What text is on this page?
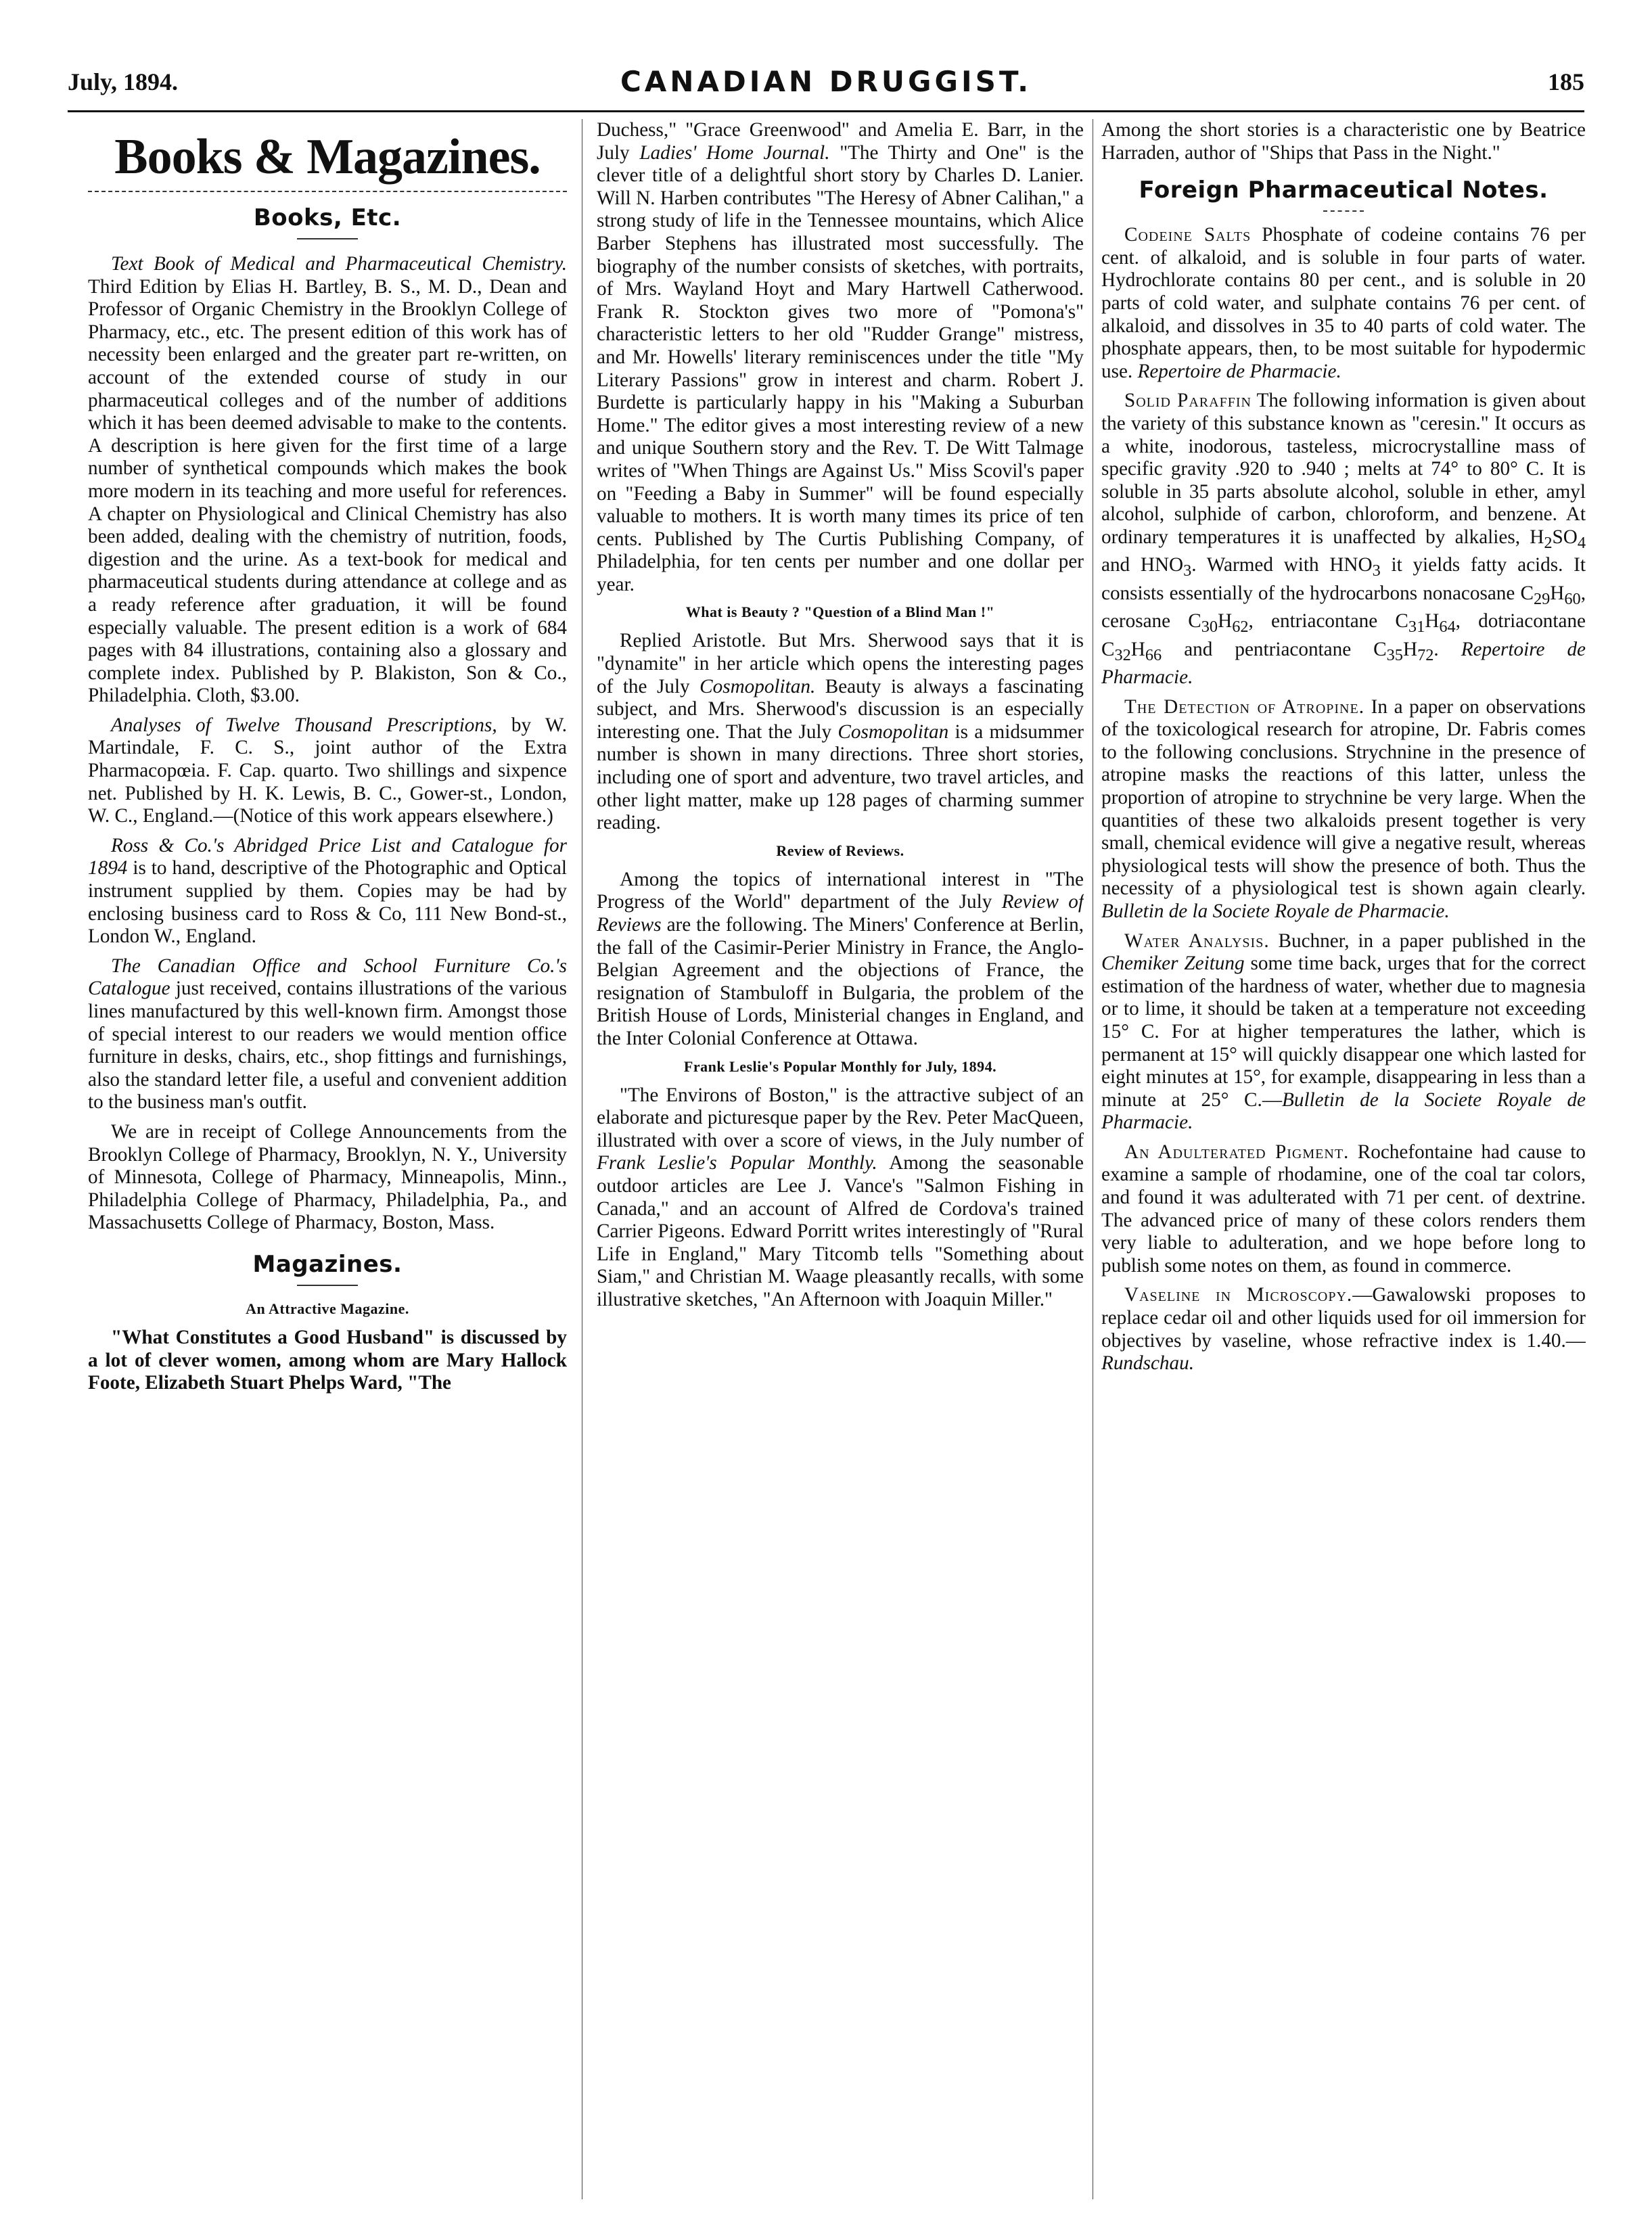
July, 1894.	CANADIAN DRUGGIST.	185
Books & Magazines.
Books, Etc.

Text Book of Medical and Pharmaceutical Chemistry. Third Edition by Elias H. Bartley, B. S., M. D., Dean and Professor of Organic Chemistry in the Brooklyn College of Pharmacy, etc., etc. The present edition of this work has of necessity been enlarged and the greater part re-written, on account of the extended course of study in our pharmaceutical colleges and of the number of additions which it has been deemed advisable to make to the contents. A description is here given for the first time of a large number of synthetical compounds which makes the book more modern in its teaching and more useful for references. A chapter on Physiological and Clinical Chemistry has also been added, dealing with the chemistry of nutrition, foods, digestion and the urine. As a text-book for medical and pharmaceutical students during attendance at college and as a ready reference after graduation, it will be found especially valuable. The present edition is a work of 684 pages with 84 illustrations, containing also a glossary and complete index. Published by P. Blakiston, Son & Co., Philadelphia. Cloth, $3.00.

Analyses of Twelve Thousand Prescriptions, by W. Martindale, F. C. S., joint author of the Extra Pharmacopœia. F. Cap. quarto. Two shillings and sixpence net. Published by H. K. Lewis, B. C., Gower-st., London, W. C., England.—(Notice of this work appears elsewhere.)

Ross & Co.'s Abridged Price List and Catalogue for 1894 is to hand, descriptive of the Photographic and Optical instrument supplied by them. Copies may be had by enclosing business card to Ross & Co, 111 New Bond-st., London W., England.

The Canadian Office and School Furniture Co.'s Catalogue just received, contains illustrations of the various lines manufactured by this well-known firm. Amongst those of special interest to our readers we would mention office furniture in desks, chairs, etc., shop fittings and furnishings, also the standard letter file, a useful and convenient addition to the business man's outfit.

We are in receipt of College Announcements from the Brooklyn College of Pharmacy, Brooklyn, N. Y., University of Minnesota, College of Pharmacy, Minneapolis, Minn., Philadelphia College of Pharmacy, Philadelphia, Pa., and Massachusetts College of Pharmacy, Boston, Mass.

Magazines.
An Attractive Magazine.

"What Constitutes a Good Husband" is discussed by a lot of clever women, among whom are Mary Hallock Foote, Elizabeth Stuart Phelps Ward, "The

Duchess," "Grace Greenwood" and Amelia E. Barr, in the July Ladies' Home Journal. "The Thirty and One" is the clever title of a delightful short story by Charles D. Lanier. Will N. Harben contributes "The Heresy of Abner Calihan," a strong study of life in the Tennessee mountains, which Alice Barber Stephens has illustrated most successfully. The biography of the number consists of sketches, with portraits, of Mrs. Wayland Hoyt and Mary Hartwell Catherwood. Frank R. Stockton gives two more of "Pomona's" characteristic letters to her old "Rudder Grange" mistress, and Mr. Howells' literary reminiscences under the title "My Literary Passions" grow in interest and charm. Robert J. Burdette is particularly happy in his "Making a Suburban Home." The editor gives a most interesting review of a new and unique Southern story and the Rev. T. De Witt Talmage writes of "When Things are Against Us." Miss Scovil's paper on "Feeding a Baby in Summer" will be found especially valuable to mothers. It is worth many times its price of ten cents. Published by The Curtis Publishing Company, of Philadelphia, for ten cents per number and one dollar per year.

What is Beauty ? "Question of a Blind Man !"

Replied Aristotle. But Mrs. Sherwood says that it is "dynamite" in her article which opens the interesting pages of the July Cosmopolitan. Beauty is always a fascinating subject, and Mrs. Sherwood's discussion is an especially interesting one. That the July Cosmopolitan is a midsummer number is shown in many directions. Three short stories, including one of sport and adventure, two travel articles, and other light matter, make up 128 pages of charming summer reading.

Review of Reviews.

Among the topics of international interest in "The Progress of the World" department of the July Review of Reviews are the following. The Miners' Conference at Berlin, the fall of the Casimir-Perier Ministry in France, the Anglo-Belgian Agreement and the objections of France, the resignation of Stambuloff in Bulgaria, the problem of the British House of Lords, Ministerial changes in England, and the Inter Colonial Conference at Ottawa.

Frank Leslie's Popular Monthly for July, 1894.

"The Environs of Boston," is the attractive subject of an elaborate and picturesque paper by the Rev. Peter MacQueen, illustrated with over a score of views, in the July number of Frank Leslie's Popular Monthly. Among the seasonable outdoor articles are Lee J. Vance's "Salmon Fishing in Canada," and an account of Alfred de Cordova's trained Carrier Pigeons. Edward Porritt writes interestingly of "Rural Life in England," Mary Titcomb tells "Something about Siam," and Christian M. Waage pleasantly recalls, with some illustrative sketches, "An Afternoon with Joaquin Miller."

Among the short stories is a characteristic one by Beatrice Harraden, author of "Ships that Pass in the Night."

Foreign Pharmaceutical Notes.

Codeine Salts Phosphate of codeine contains 76 per cent. of alkaloid, and is soluble in four parts of water. Hydrochlorate contains 80 per cent., and is soluble in 20 parts of cold water, and sulphate contains 76 per cent. of alkaloid, and dissolves in 35 to 40 parts of cold water. The phosphate appears, then, to be most suitable for hypodermic use. Repertoire de Pharmacie.

Solid Paraffin The following information is given about the variety of this substance known as "ceresin." It occurs as a white, inodorous, tasteless, microcrystalline mass of specific gravity .920 to .940 ; melts at 74° to 80° C. It is soluble in 35 parts absolute alcohol, soluble in ether, amyl alcohol, sulphide of carbon, chloroform, and benzene. At ordinary temperatures it is unaffected by alkalies, $H_2SO_4$ and $HNO_3$. Warmed with $HNO_3$ it yields fatty acids. It consists essentially of the hydrocarbons nonacosane $C_{29}H_{60}$, cerosane $C_{30}H_{62}$, entriacontane $C_{31}H_{64}$, dotriacontane $C_{32}H_{66}$ and pentriacontane $C_{35}H_{72}$. Repertoire de Pharmacie.

The Detection of Atropine. In a paper on observations of the toxicological research for atropine, Dr. Fabris comes to the following conclusions. Strychnine in the presence of atropine masks the reactions of this latter, unless the proportion of atropine to strychnine be very large. When the quantities of these two alkaloids present together is very small, chemical evidence will give a negative result, whereas physiological tests will show the presence of both. Thus the necessity of a physiological test is shown again clearly. Bulletin de la Societe Royale de Pharmacie.

Water Analysis. Buchner, in a paper published in the Chemiker Zeitung some time back, urges that for the correct estimation of the hardness of water, whether due to magnesia or to lime, it should be taken at a temperature not exceeding 15° C. For at higher temperatures the lather, which is permanent at 15° will quickly disappear one which lasted for eight minutes at 15°, for example, disappearing in less than a minute at 25° C.—Bulletin de la Societe Royale de Pharmacie.

An Adulterated Pigment. Rochefontaine had cause to examine a sample of rhodamine, one of the coal tar colors, and found it was adulterated with 71 per cent. of dextrine. The advanced price of many of these colors renders them very liable to adulteration, and we hope before long to publish some notes on them, as found in commerce.

Vaseline in Microscopy.—Gawalowski proposes to replace cedar oil and other liquids used for oil immersion for objectives by vaseline, whose refractive index is 1.40.—Rundschau.
